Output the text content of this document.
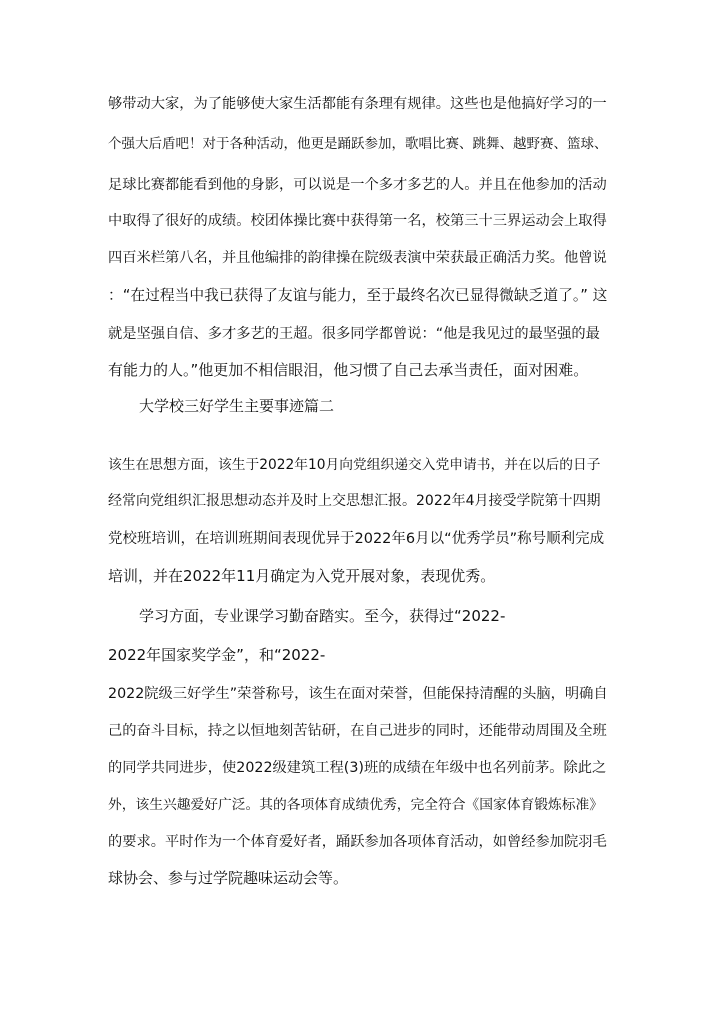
够带动大家，为了能够使大家生活都能有条理有规律。这些也是他搞好学习的一
个强大后盾吧！对于各种活动，他更是踊跃参加，歌唱比赛、跳舞、越野赛、篮球、
足球比赛都能看到他的身影，可以说是一个多才多艺的人。并且在他参加的活动
中取得了很好的成绩。校团体操比赛中获得第一名，校第三十三界运动会上取得
四百米栏第八名，并且他编排的韵律操在院级表演中荣获最正确活力奖。他曾说
：“在过程当中我已获得了友谊与能力，至于最终名次已显得微缺乏道了。” 这
就是坚强自信、多才多艺的王超。很多同学都曾说：“他是我见过的最坚强的最
有能力的人。”他更加不相信眼泪，他习惯了自己去承当责任，面对困难。
大学校三好学生主要事迹篇二
该生在思想方面，该生于2022年10月向党组织递交入党申请书，并在以后的日子
经常向党组织汇报思想动态并及时上交思想汇报。2022年4月接受学院第十四期
党校班培训，在培训班期间表现优异于2022年6月以“优秀学员”称号顺利完成
培训，并在2022年11月确定为入党开展对象，表现优秀。
学习方面，专业课学习勤奋踏实。至今，获得过“2022-
2022年国家奖学金”，和“2022-
2022院级三好学生”荣誉称号，该生在面对荣誉，但能保持清醒的头脑，明确自
己的奋斗目标，持之以恒地刻苦钻研，在自己进步的同时，还能带动周围及全班
的同学共同进步，使2022级建筑工程(3)班的成绩在年级中也名列前茅。除此之
外，该生兴趣爱好广泛。其的各项体育成绩优秀，完全符合《国家体育锻炼标准》
的要求。平时作为一个体育爱好者，踊跃参加各项体育活动，如曾经参加院羽毛
球协会、参与过学院趣味运动会等。
